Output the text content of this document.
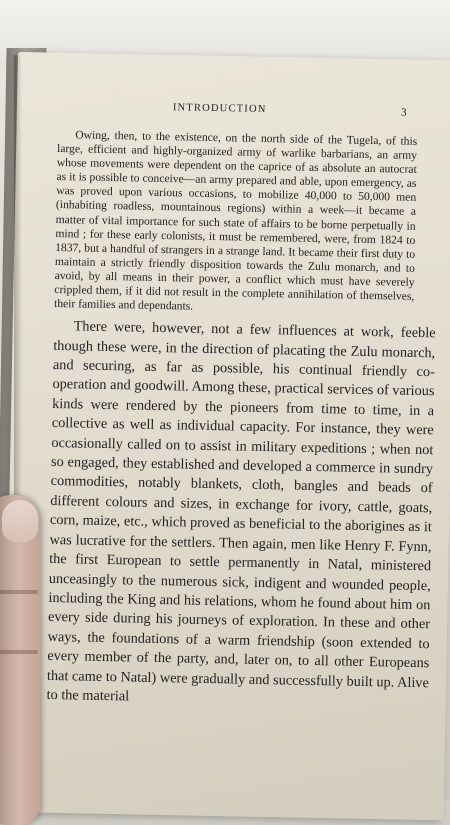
INTRODUCTION	3

Owing, then, to the existence, on the north side of the Tugela, of this large, efficient and highly-organized army of warlike barbarians, an army whose movements were dependent on the caprice of as absolute an autocrat as it is possible to conceive—an army prepared and able, upon emergency, as was proved upon various occasions, to mobilize 40,000 to 50,000 men (inhabiting roadless, mountainous regions) within a week—it became a matter of vital importance for such state of affairs to be borne perpetually in mind ; for these early colonists, it must be remembered, were, from 1824 to 1837, but a handful of strangers in a strange land. It became their first duty to maintain a strictly friendly disposition towards the Zulu monarch, and to avoid, by all means in their power, a conflict which must have severely crippled them, if it did not result in the complete annihilation of themselves, their families and dependants.

There were, however, not a few influences at work, feeble though these were, in the direction of placating the Zulu monarch, and securing, as far as possible, his continual friendly co-operation and goodwill. Among these, practical services of various kinds were rendered by the pioneers from time to time, in a collective as well as individual capacity. For instance, they were occasionally called on to assist in military expeditions ; when not so engaged, they established and developed a commerce in sundry commodities, notably blankets, cloth, bangles and beads of different colours and sizes, in exchange for ivory, cattle, goats, corn, maize, etc., which proved as beneficial to the aborigines as it was lucrative for the settlers. Then again, men like Henry F. Fynn, the first European to settle permanently in Natal, ministered unceasingly to the numerous sick, indigent and wounded people, including the King and his relations, whom he found about him on every side during his journeys of exploration. In these and other ways, the foundations of a warm friendship (soon extended to every member of the party, and, later on, to all other Europeans that came to Natal) were gradually and successfully built up. Alive to the material
